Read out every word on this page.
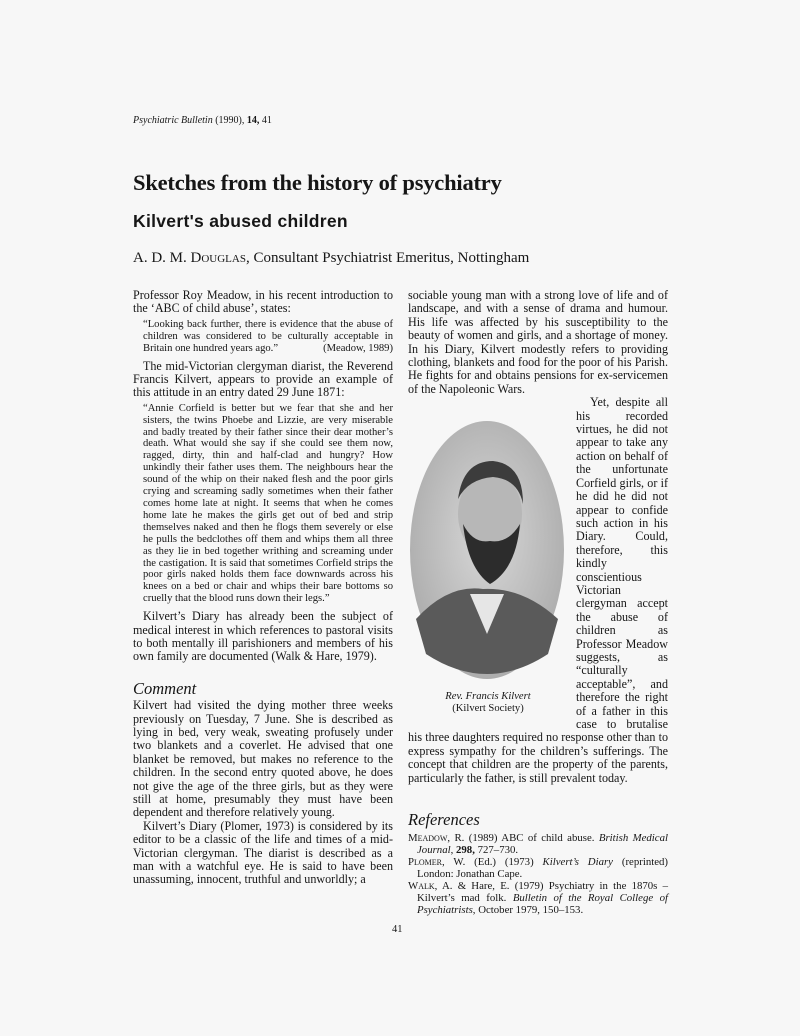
Psychiatric Bulletin (1990), 14, 41
Sketches from the history of psychiatry
Kilvert's abused children
A. D. M. Douglas, Consultant Psychiatrist Emeritus, Nottingham

Professor Roy Meadow, in his recent introduction to the ‘ABC of child abuse’, states:

“Looking back further, there is evidence that the abuse of children was considered to be culturally acceptable in Britain one hundred years ago.”	(Meadow, 1989)

The mid-Victorian clergyman diarist, the Reverend Francis Kilvert, appears to provide an example of this attitude in an entry dated 29 June 1871:

“Annie Corfield is better but we fear that she and her sisters, the twins Phoebe and Lizzie, are very miserable and badly treated by their father since their dear mother’s death. What would she say if she could see them now, ragged, dirty, thin and half-clad and hungry? How unkindly their father uses them. The neighbours hear the sound of the whip on their naked flesh and the poor girls crying and screaming sadly sometimes when their father comes home late at night. It seems that when he comes home late he makes the girls get out of bed and strip themselves naked and then he flogs them severely or else he pulls the bedclothes off them and whips them all three as they lie in bed together writhing and screaming under the castigation. It is said that sometimes Corfield strips the poor girls naked holds them face downwards across his knees on a bed or chair and whips their bare bottoms so cruelly that the blood runs down their legs.”

Kilvert’s Diary has already been the subject of medical interest in which references to pastoral visits to both mentally ill parishioners and members of his own family are documented (Walk & Hare, 1979).

Comment

Kilvert had visited the dying mother three weeks previously on Tuesday, 7 June. She is described as lying in bed, very weak, sweating profusely under two blankets and a coverlet. He advised that one blanket be removed, but makes no reference to the children. In the second entry quoted above, he does not give the age of the three girls, but as they were still at home, presumably they must have been dependent and therefore relatively young.

Kilvert’s Diary (Plomer, 1973) is considered by its editor to be a classic of the life and times of a mid-Victorian clergyman. The diarist is described as a man with a watchful eye. He is said to have been unassuming, innocent, truthful and unworldly; a

sociable young man with a strong love of life and of landscape, and with a sense of drama and humour. His life was affected by his susceptibility to the beauty of women and girls, and a shortage of money. In his Diary, Kilvert modestly refers to providing clothing, blankets and food for the poor of his Parish. He fights for and obtains pensions for ex-servicemen of the Napoleonic Wars.

Rev. Francis Kilvert
(Kilvert Society)

Yet, despite all his recorded virtues, he did not appear to take any action on behalf of the unfortunate Corfield girls, or if he did he did not appear to confide such action in his Diary. Could, therefore, this kindly conscientious Victorian clergyman accept the abuse of children as Professor Meadow suggests, as “culturally acceptable”, and therefore the right of a father in this case to brutalise his three daughters required no response other than to express sympathy for the children’s sufferings. The concept that children are the property of the parents, particularly the father, is still prevalent today.

References

Meadow, R. (1989) ABC of child abuse. British Medical Journal, 298, 727–730.

Plomer, W. (Ed.) (1973) Kilvert’s Diary (reprinted) London: Jonathan Cape.

Walk, A. & Hare, E. (1979) Psychiatry in the 1870s – Kilvert’s mad folk. Bulletin of the Royal College of Psychiatrists, October 1979, 150–153.

41
